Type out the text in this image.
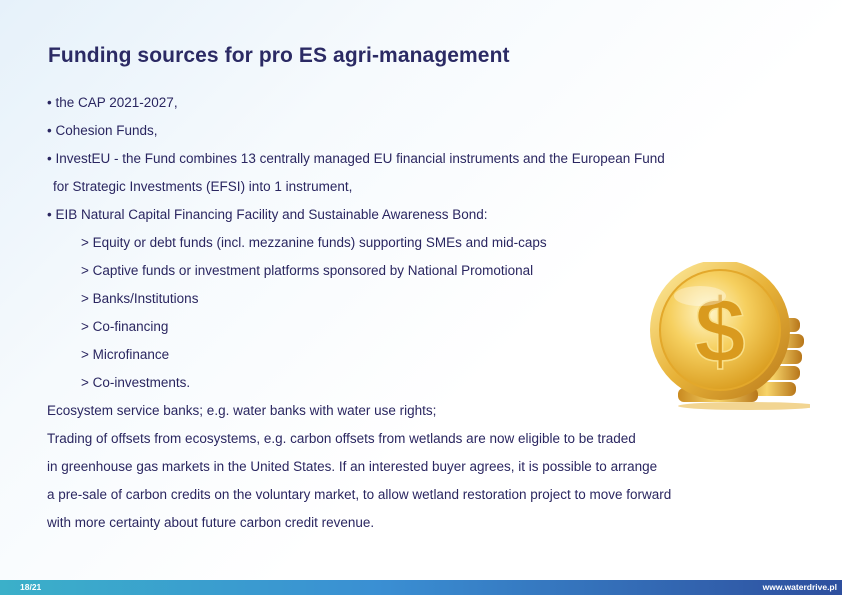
Funding sources for pro ES agri-management
• the CAP 2021-2027,
• Cohesion Funds,
• InvestEU - the Fund combines 13 centrally managed EU financial instruments and the European Fund
for Strategic Investments (EFSI) into 1 instrument,
• EIB Natural Capital Financing Facility and Sustainable Awareness Bond:
> Equity or debt funds (incl. mezzanine funds) supporting SMEs and mid-caps
> Captive funds or investment platforms sponsored by National Promotional
> Banks/Institutions
> Co-financing
> Microfinance
> Co-investments.
Ecosystem service banks; e.g. water banks with water use rights;
Trading of offsets from ecosystems, e.g. carbon offsets from wetlands are now eligible to be traded
in greenhouse gas markets in the United States. If an interested buyer agrees, it is possible to arrange
a pre-sale of carbon credits on the voluntary market, to allow wetland restoration project to move forward
with more certainty about future carbon credit revenue.
$
18/21	www.waterdrive.pl
